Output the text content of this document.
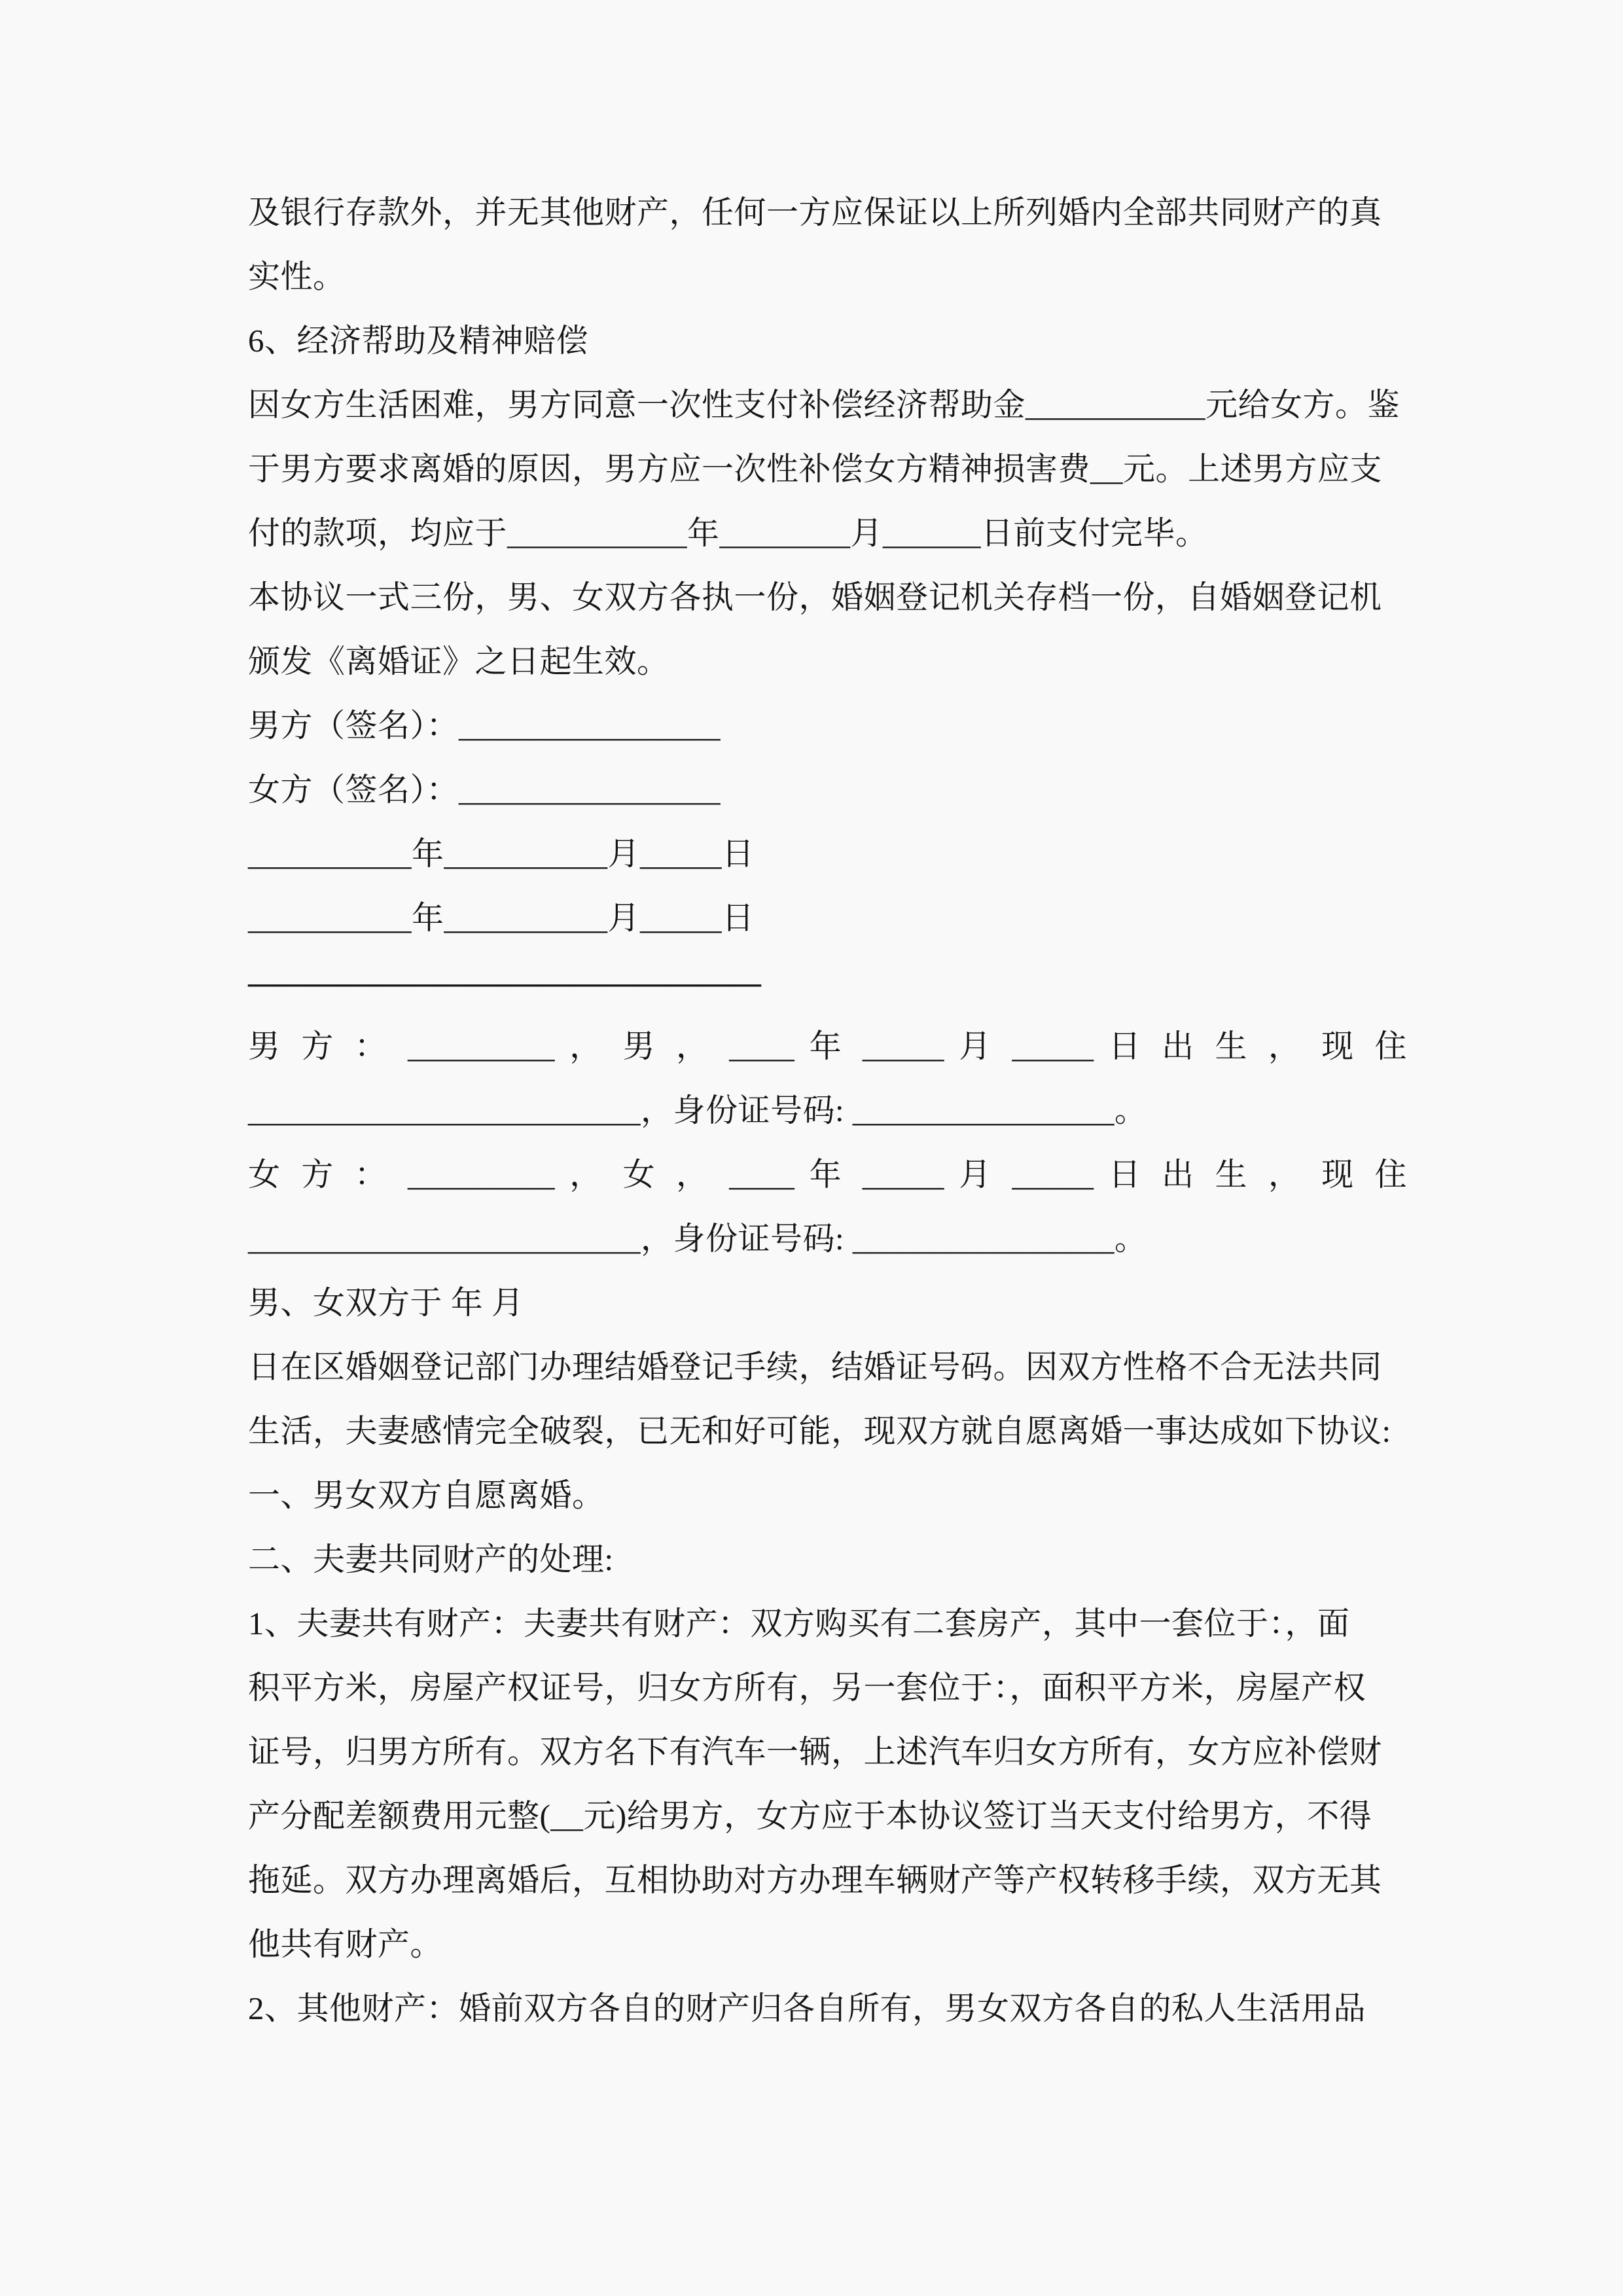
及银行存款外，并无其他财产，任何一方应保证以上所列婚内全部共同财产的真
实性。
6、经济帮助及精神赔偿
因女方生活困难，男方同意一次性支付补偿经济帮助金___________元给女方。鉴
于男方要求离婚的原因，男方应一次性补偿女方精神损害费__元。上述男方应支
付的款项，均应于___________年________月______日前支付完毕。
本协议一式三份，男、女双方各执一份，婚姻登记机关存档一份，自婚姻登记机
颁发《离婚证》之日起生效。
男方（签名）：________________
女方（签名）：________________
__________年__________月_____日
__________年__________月_____日
————————————————
男 方 ： _________ ， 男 ， ____ 年 _____ 月 _____ 日 出 生 ， 现 住
________________________，身份证号码: ________________。
女 方 ： _________ ， 女 ， ____ 年 _____ 月 _____ 日 出 生 ， 现 住
________________________，身份证号码: ________________。
男、女双方于 年 月
日在区婚姻登记部门办理结婚登记手续，结婚证号码。因双方性格不合无法共同
生活，夫妻感情完全破裂，已无和好可能，现双方就自愿离婚一事达成如下协议:
一、男女双方自愿离婚。
二、夫妻共同财产的处理:
1、夫妻共有财产：夫妻共有财产：双方购买有二套房产，其中一套位于：，面
积平方米，房屋产权证号，归女方所有，另一套位于：，面积平方米，房屋产权
证号，归男方所有。双方名下有汽车一辆，上述汽车归女方所有，女方应补偿财
产分配差额费用元整(__元)给男方，女方应于本协议签订当天支付给男方，不得
拖延。双方办理离婚后，互相协助对方办理车辆财产等产权转移手续，双方无其
他共有财产。
2、其他财产：婚前双方各自的财产归各自所有，男女双方各自的私人生活用品
